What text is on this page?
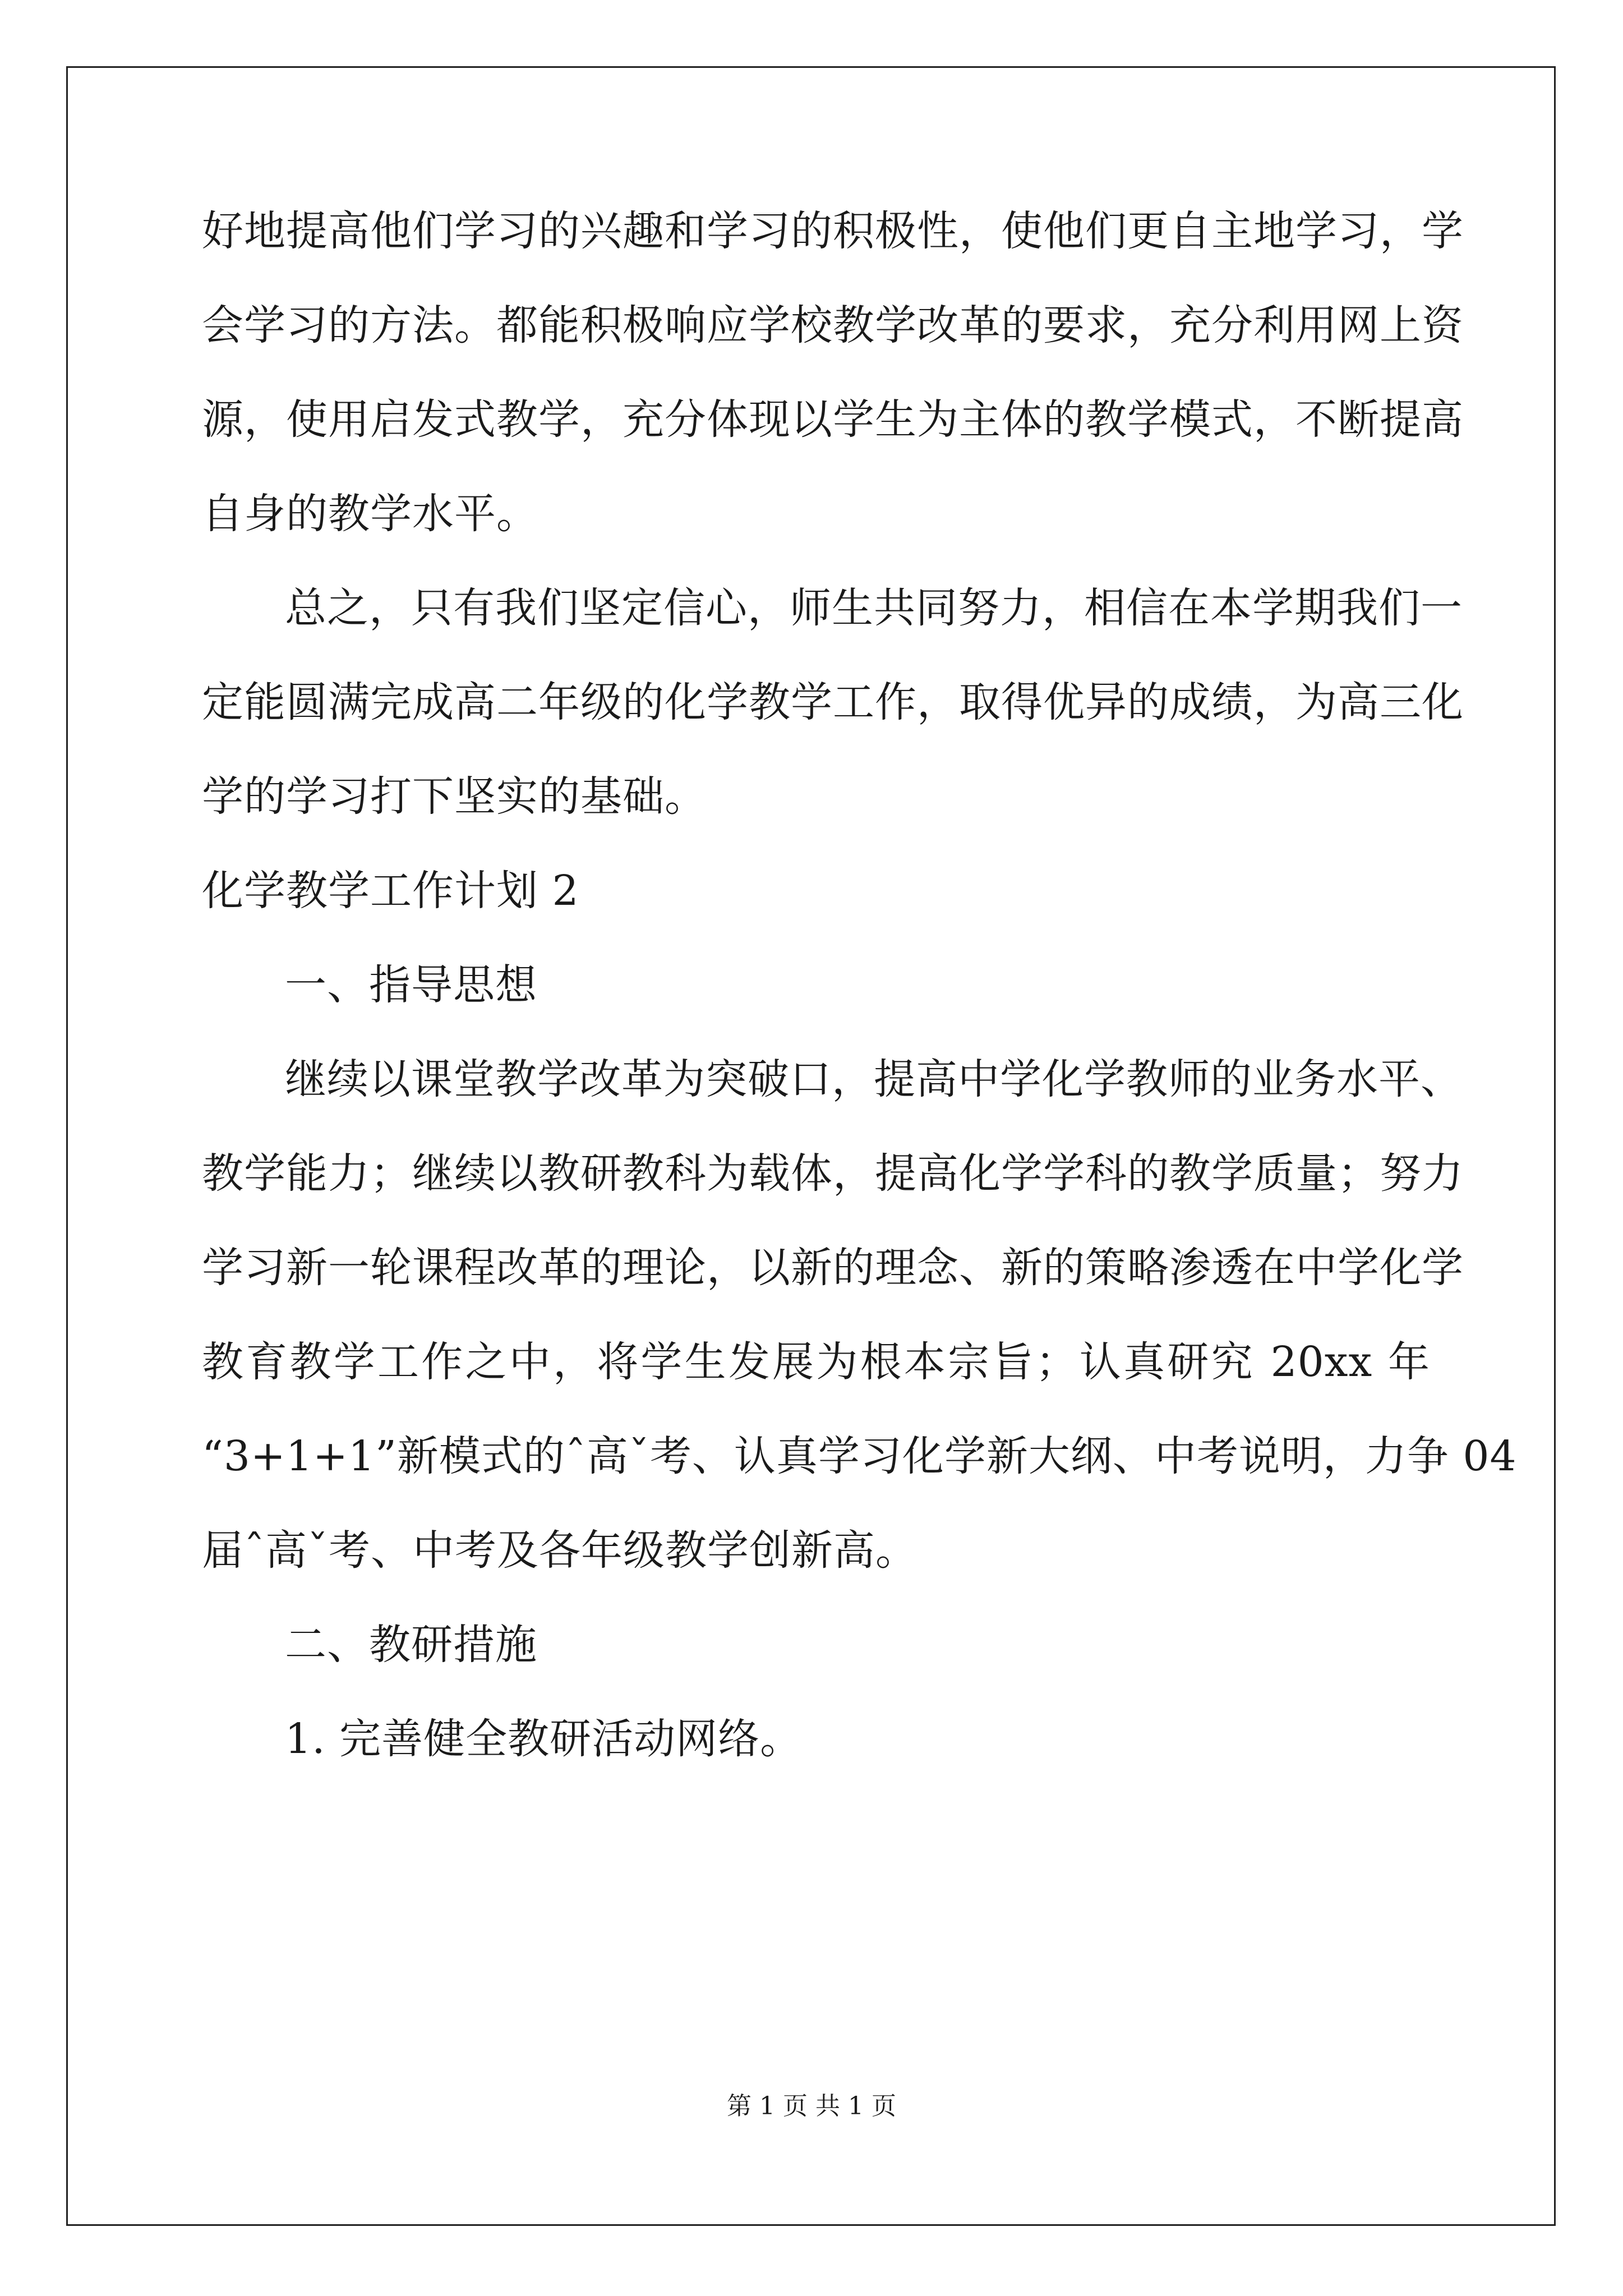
好地提高他们学习的兴趣和学习的积极性，使他们更自主地学习，学
会学习的方法。都能积极响应学校教学改革的要求，充分利用网上资
源，使用启发式教学，充分体现以学生为主体的教学模式，不断提高
自身的教学水平。
总之，只有我们坚定信心，师生共同努力，相信在本学期我们一
定能圆满完成高二年级的化学教学工作，取得优异的成绩，为高三化
学的学习打下坚实的基础。
化学教学工作计划 2
一、指导思想
继续以课堂教学改革为突破口，提高中学化学教师的业务水平、
教学能力；继续以教研教科为载体，提高化学学科的教学质量；努力
学习新一轮课程改革的理论，以新的理念、新的策略渗透在中学化学
教育教学工作之中，将学生发展为根本宗旨；认真研究 20xx 年
“3+1+1”新模式的ˆ高ˇ考、认真学习化学新大纲、中考说明，力争 04
届ˆ高ˇ考、中考及各年级教学创新高。
二、教研措施
1. 完善健全教研活动网络。
第 1 页 共 1 页
